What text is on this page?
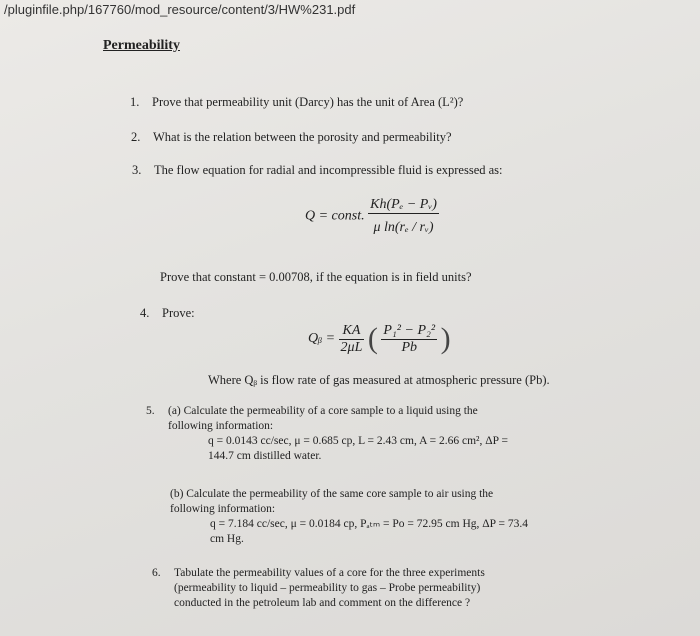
/pluginfile.php/167760/mod_resource/content/3/HW%231.pdf
Permeability
1. Prove that permeability unit (Darcy) has the unit of Area (L²)?
2. What is the relation between the porosity and permeability?
3. The flow equation for radial and incompressible fluid is expressed as:
Q = const. $\frac{\text{Kh(Pₑ − Pᵥ)}}{\text{μ ln(rₑ / rᵥ)}}$
Prove that constant = 0.00708, if the equation is in field units?
4. Prove:
Qᵦ = $\frac{KA}{2\mu L}$ ( $\frac{\text{P₁² − P₂²}}{Pb}$ )
Where Qᵦ is flow rate of gas measured at atmospheric pressure (Pb).
5. (a) Calculate the permeability of a core sample to a liquid using the
following information:
q = 0.0143 cc/sec, μ = 0.685 cp, L = 2.43 cm, A = 2.66 cm², ΔP =
144.7 cm distilled water.
(b) Calculate the permeability of the same core sample to air using the
following information:
q = 7.184 cc/sec, μ = 0.0184 cp, Pₐₜₘ = Po = 72.95 cm Hg, ΔP = 73.4
cm Hg.
6. Tabulate the permeability values of a core for the three experiments
(permeability to liquid – permeability to gas – Probe permeability)
conducted in the petroleum lab and comment on the difference ?
